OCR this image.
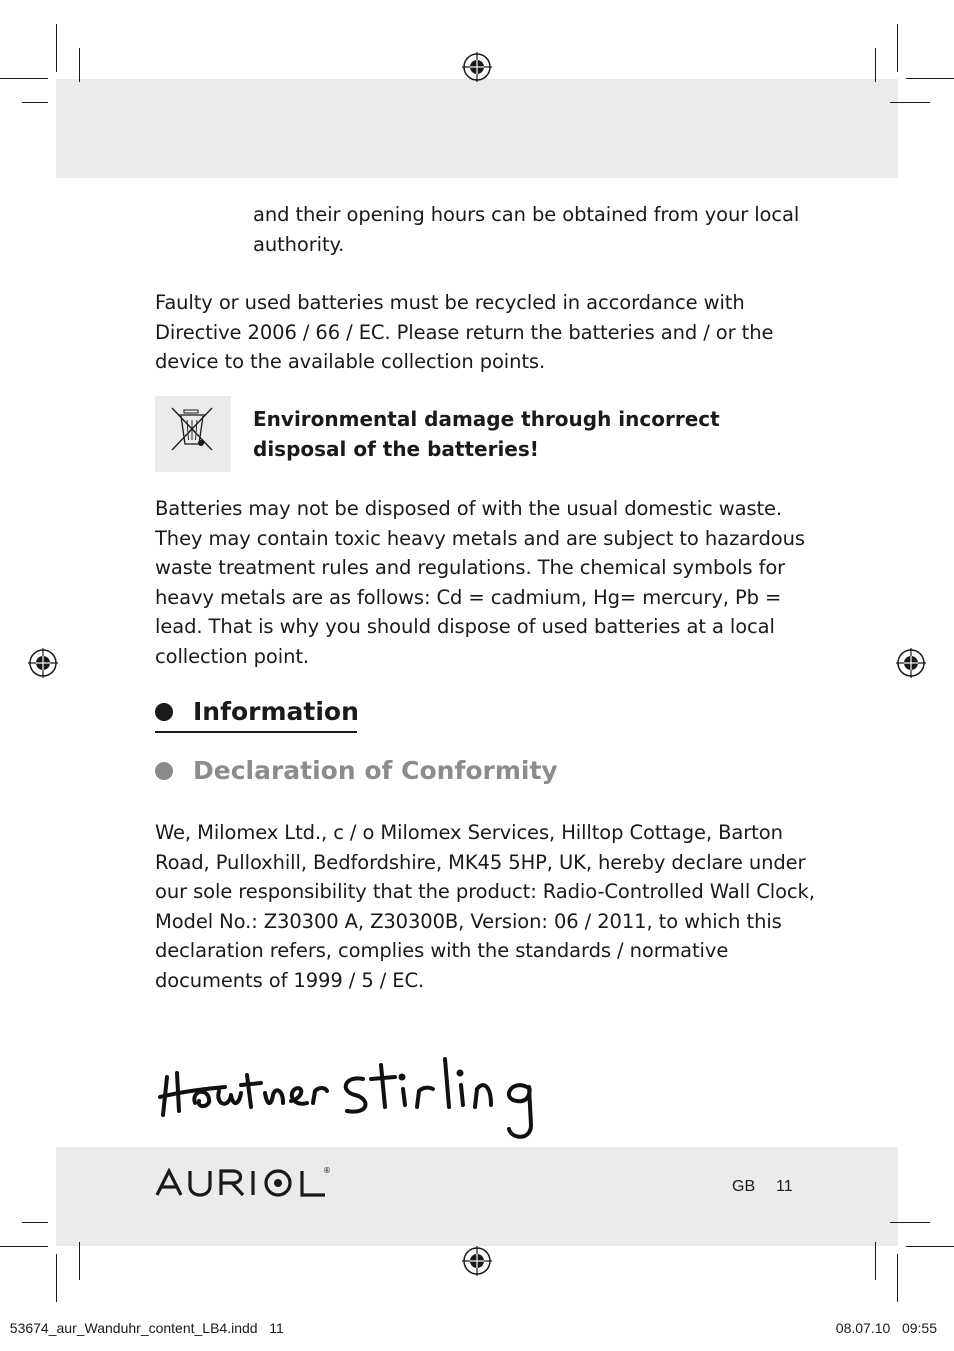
and their opening hours can be obtained from your local authority.

Faulty or used batteries must be recycled in accordance with Directive 2006 / 66 / EC. Please return the batteries and / or the device to the available collection points.

Environmental damage through incorrect disposal of the batteries!

Batteries may not be disposed of with the usual domestic waste. They may contain toxic heavy metals and are subject to hazardous waste treatment rules and regulations. The chemical symbols for heavy metals are as follows: Cd = cadmium, Hg= mercury, Pb = lead. That is why you should dispose of used batteries at a local collection point.

Information
Declaration of Conformity

We, Milomex Ltd., c / o Milomex Services, Hilltop Cottage, Barton Road, Pulloxhill, Bedfordshire, MK45 5HP, UK, hereby declare under our sole responsibility that the product: Radio-Controlled Wall Clock, Model No.: Z30300 A, Z30300B, Version: 06 / 2011, to which this declaration refers, complies with the standards / normative documents of 1999 / 5 / EC.

®
GB 11

53674_aur_Wanduhr_content_LB4.indd   11	08.07.10   09:55
